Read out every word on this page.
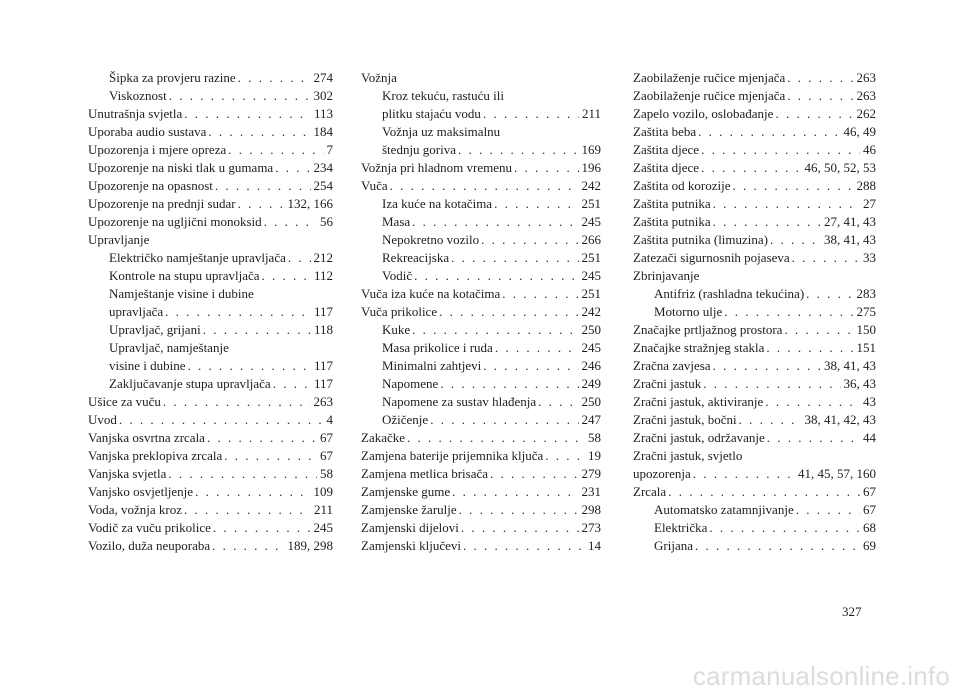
Šipka za provjeru razine . . .	274
Viskoznost . . .	302
Unutrašnja svjetla . . .	113
Uporaba audio sustava . . .	184
Upozorenja i mjere opreza . . .	7
Upozorenje na niski tlak u gumama . . .	234
Upozorenje na opasnost . . .	254
Upozorenje na prednji sudar . . .	132, 166
Upozorenje na ugljični monoksid . . .	56
Upravljanje
Električko namještanje upravljača . . . 212
Kontrole na stupu upravljača . . .	112
Namještanje visine i dubine
upravljača . . .	117
Upravljač, grijani . . .	118
Upravljač, namještanje
visine i dubine . . .	117
Zaključavanje stupa upravljača . . .	117
Ušice za vuču . . .	263
Uvod . . .	4
Vanjska osvrtna zrcala . . .	67
Vanjska preklopiva zrcala . . .	67
Vanjska svjetla . . .	58
Vanjsko osvjetljenje . . .	109
Voda, vožnja kroz . . .	211
Vodič za vuču prikolice . . .	245
Vozilo, duža neuporaba . . .	189, 298
Vožnja
Kroz tekuću, rastuću ili
plitku stajaću vodu . . .	211
Vožnja uz maksimalnu
štednju goriva . . .	169
Vožnja pri hladnom vremenu . . .	196
Vuča . . .	242
Iza kuće na kotačima . . .	251
Masa . . .	245
Nepokretno vozilo . . .	266
Rekreacijska . . .	251
Vodič . . .	245
Vuča iza kuće na kotačima . . .	251
Vuča prikolice . . .	242
Kuke . . .	250
Masa prikolice i ruda . . .	245
Minimalni zahtjevi . . .	246
Napomene . . .	249
Napomene za sustav hlađenja . . .	250
Ožičenje . . .	247
Zakačke . . .	58
Zamjena baterije prijemnika ključa . . .	19
Zamjena metlica brisača . . .	279
Zamjenske gume . . .	231
Zamjenske žarulje . . .	298
Zamjenski dijelovi . . .	273
Zamjenski ključevi . . .	14
Zaobilaženje ručice mjenjača . . .	263
Zaobilaženje ručice mjenjača . . .	263
Zapelo vozilo, oslobađanje . . .	262
Zaštita beba . . .	46, 49
Zaštita djece . . .	46
Zaštita djece . . .	46, 50, 52, 53
Zaštita od korozije . . .	288
Zaštita putnika . . .	27
Zaštita putnika . . .	27, 41, 43
Zaštita putnika (limuzina) . . .	38, 41, 43
Zatezači sigurnosnih pojaseva . . .	33
Zbrinjavanje
Antifriz (rashladna tekućina) . . .	283
Motorno ulje . . .	275
Značajke prtljažnog prostora . . .	150
Značajke stražnjeg stakla . . .	151
Zračna zavjesa . . .	38, 41, 43
Zračni jastuk . . .	36, 43
Zračni jastuk, aktiviranje . . .	43
Zračni jastuk, bočni . . .	38, 41, 42, 43
Zračni jastuk, održavanje . . .	44
Zračni jastuk, svjetlo
upozorenja . . .	41, 45, 57, 160
Zrcala . . .	67
Automatsko zatamnjivanje . . .	67
Električka . . .	68
Grijana . . .	69
327
carmanualsonline.info
